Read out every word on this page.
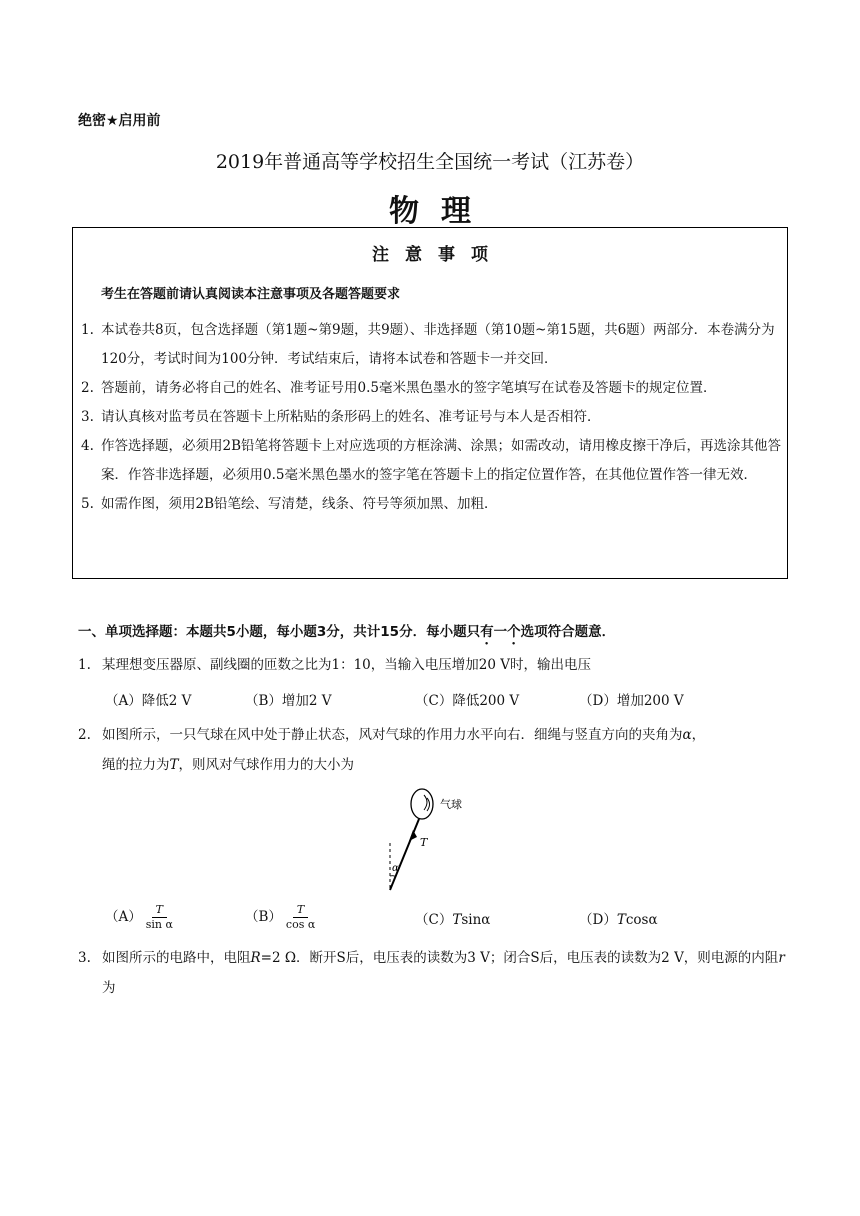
绝密★启用前
2019年普通高等学校招生全国统一考试（江苏卷）
物理
注意事项
考生在答题前请认真阅读本注意事项及各题答题要求
1. 本试卷共8页，包含选择题（第1题~第9题，共9题）、非选择题（第10题~第15题，共6题）两部分．本卷满分为120分，考试时间为100分钟．考试结束后，请将本试卷和答题卡一并交回．
2. 答题前，请务必将自己的姓名、准考证号用0.5毫米黑色墨水的签字笔填写在试卷及答题卡的规定位置．
3. 请认真核对监考员在答题卡上所粘贴的条形码上的姓名、准考证号与本人是否相符．
4. 作答选择题，必须用2B铅笔将答题卡上对应选项的方框涂满、涂黑；如需改动，请用橡皮擦干净后，再选涂其他答案．作答非选择题，必须用0.5毫米黑色墨水的签字笔在答题卡上的指定位置作答，在其他位置作答一律无效．
5. 如需作图，须用2B铅笔绘、写清楚，线条、符号等须加黑、加粗．
一、单项选择题：本题共5小题，每小题3分，共计15分．每小题只有一个选项符合题意．
1. 某理想变压器原、副线圈的匝数之比为1：10，当输入电压增加20 V时，输出电压
（A）降低2 V	（B）增加2 V	（C）降低200 V	（D）增加200 V
2. 如图所示，一只气球在风中处于静止状态，风对气球的作用力水平向右．细绳与竖直方向的夹角为α，
绳的拉力为T，则风对气球作用力的大小为
气球
T
α
$(A) \frac{T}{\text{sin α}}$	$(B) \frac{T}{\text{cos α}}$	（C）Tsinα	（D）Tcosα
3. 如图所示的电路中，电阻R=2 Ω．断开S后，电压表的读数为3 V；闭合S后，电压表的读数为2 V，则电源的内阻r为
